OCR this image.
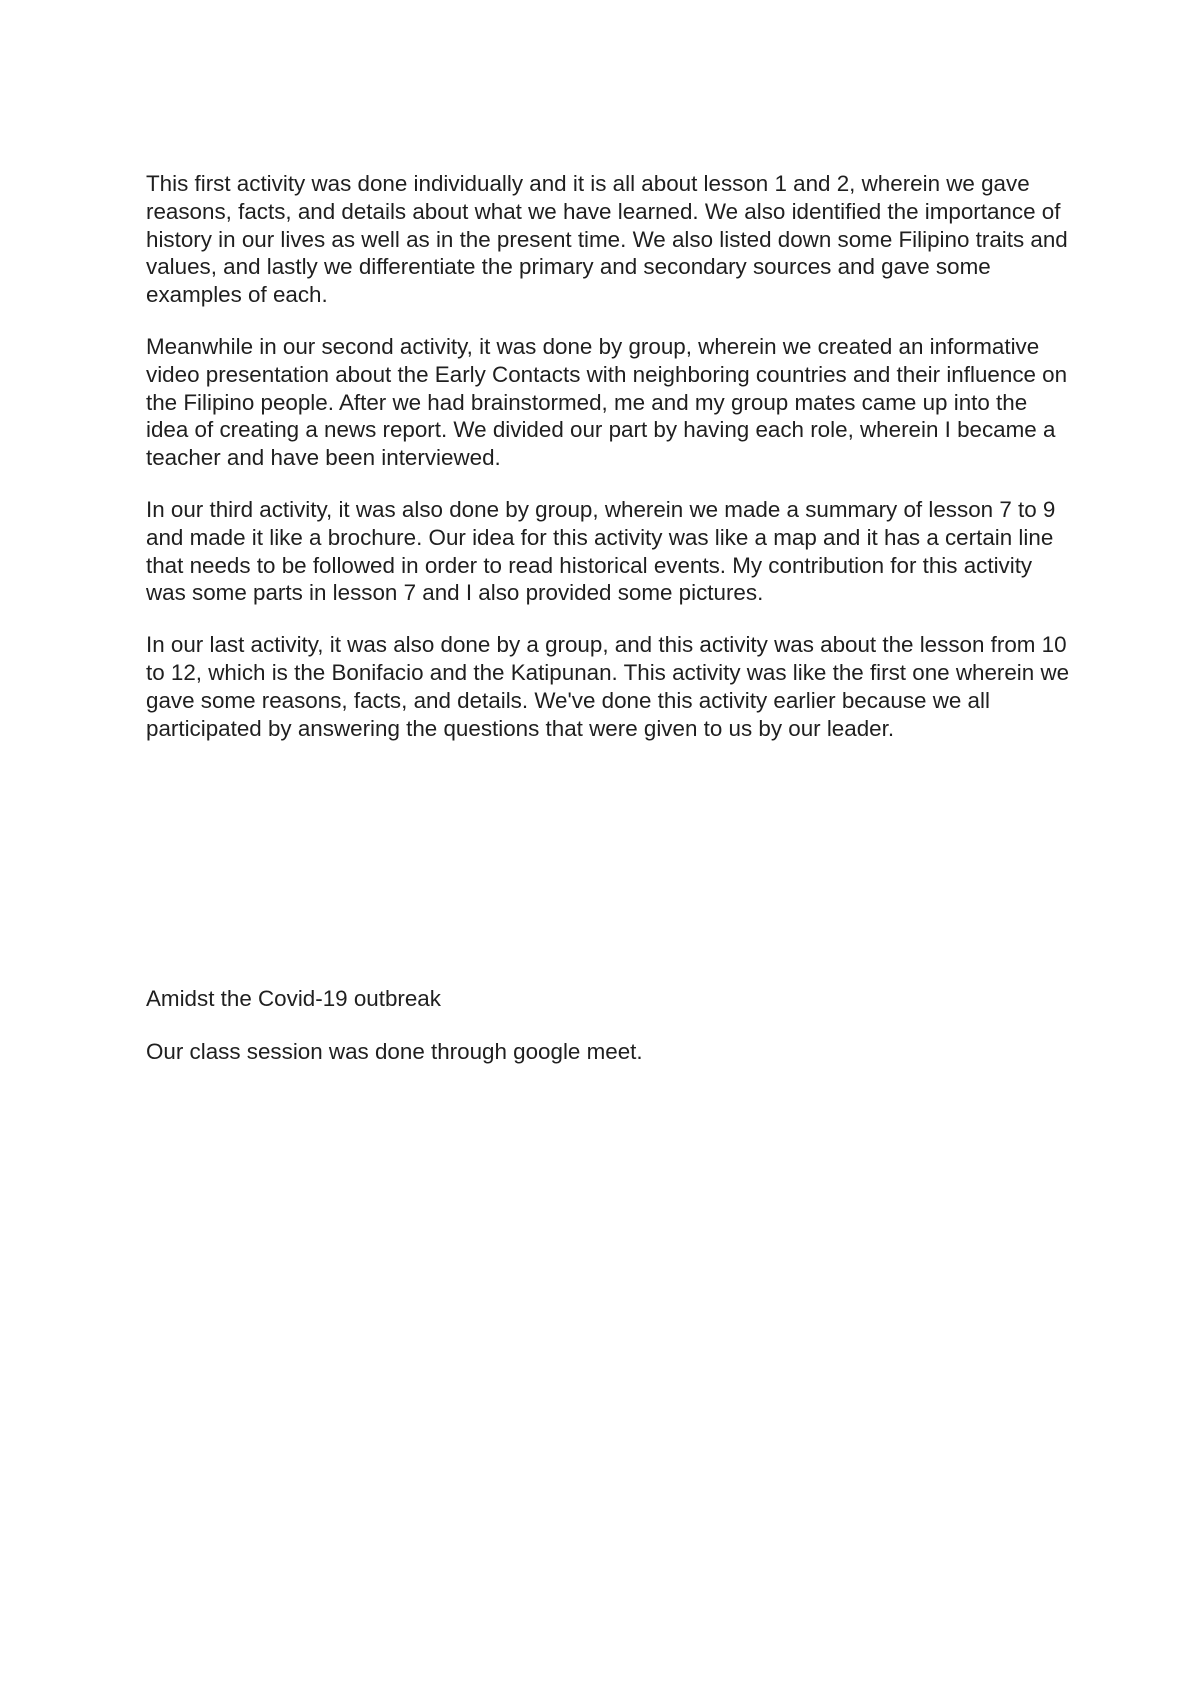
This first activity was done individually and it is all about lesson 1 and 2, wherein we gave reasons, facts, and details about what we have learned. We also identified the importance of history in our lives as well as in the present time. We also listed down some Filipino traits and values, and lastly we differentiate the primary and secondary sources and gave some examples of each.

Meanwhile in our second activity, it was done by group, wherein we created an informative video presentation about the Early Contacts with neighboring countries and their influence on the Filipino people. After we had brainstormed, me and my group mates came up into the idea of creating a news report. We divided our part by having each role, wherein I became a teacher and have been interviewed.

In our third activity, it was also done by group, wherein we made a summary of lesson 7 to 9 and made it like a brochure. Our idea for this activity was like a map and it has a certain line that needs to be followed in order to read historical events. My contribution for this activity was some parts in lesson 7 and I also provided some pictures.

In our last activity, it was also done by a group, and this activity was about the lesson from 10 to 12, which is the Bonifacio and the Katipunan. This activity was like the first one wherein we gave some reasons, facts, and details. We've done this activity earlier because we all participated by answering the questions that were given to us by our leader.

Amidst the Covid-19 outbreak

Our class session was done through google meet.
